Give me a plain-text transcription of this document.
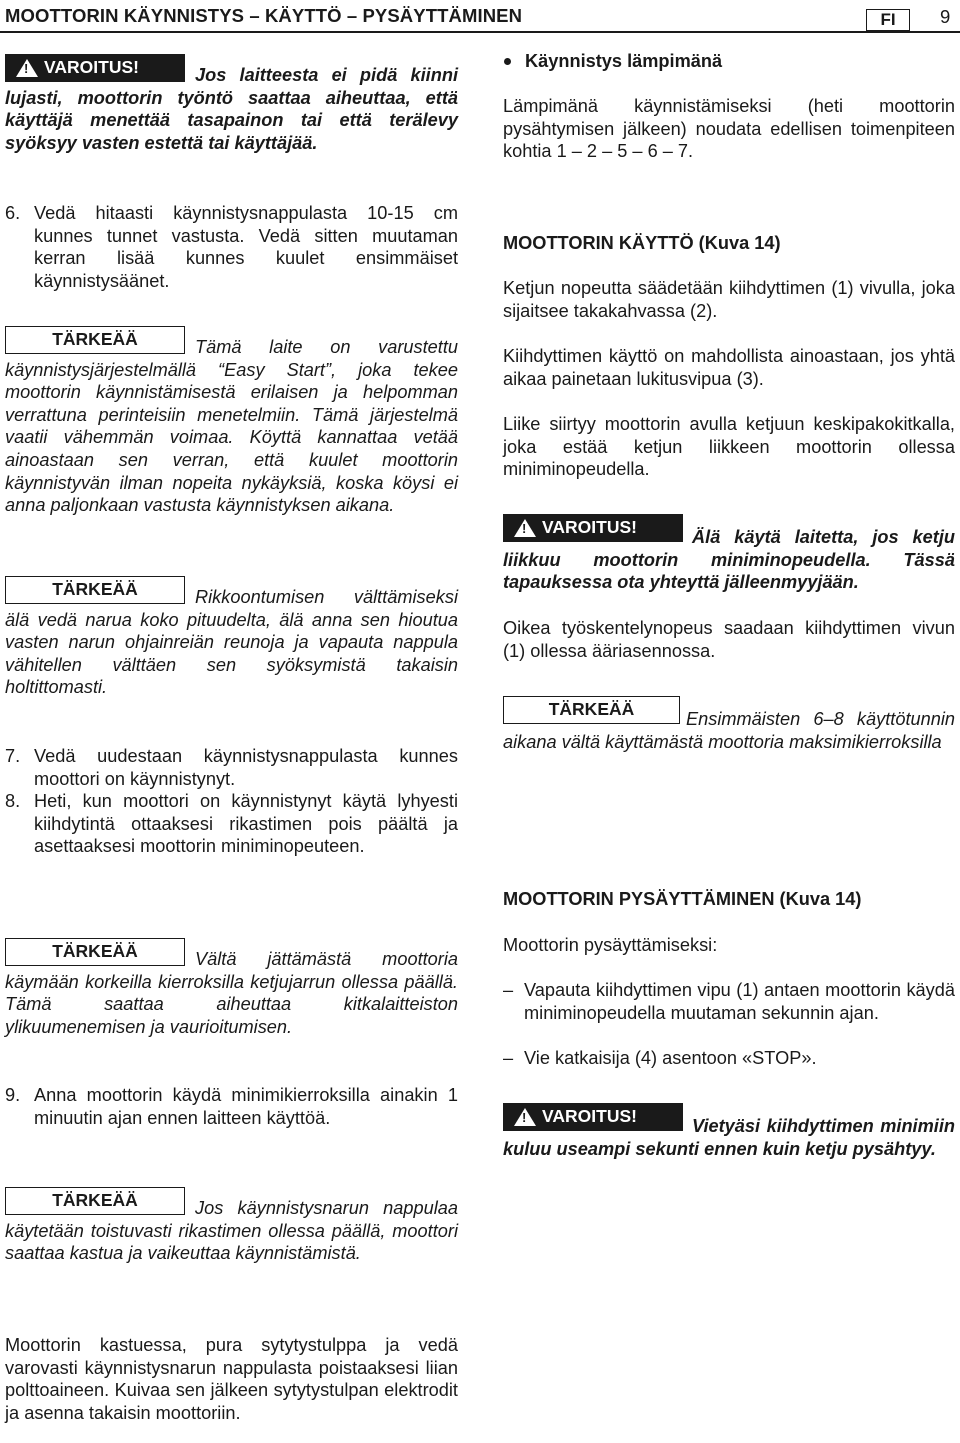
MOOTTORIN KÄYNNISTYS – KÄYTTÖ – PYSÄYTTÄMINEN	FI	9
!
VAROITUS!	Jos laitteesta ei pidä kiinni lujasti, moottorin työntö saattaa aiheuttaa, että käyttäjä menettää tasapainon tai että terälevy syöksyy vasten estettä tai käyttäjää.

6. Vedä hitaasti käynnistysnappulasta 10-15 cm kunnes tunnet vastusta. Vedä sitten muutaman kerran lisää kunnes kuulet ensimmäiset käynnistysäänet.
TÄRKEÄÄ	Tämä laite on varustettu käynnistysjärjestelmällä “Easy Start”, joka tekee moottorin käynnistämisestä erilaisen ja helpomman verrattuna perinteisiin menetelmiin. Tämä järjestelmä vaatii vähemmän voimaa. Köyttä kannattaa vetää ainoastaan sen verran, että kuulet moottorin käynnistyvän ilman nopeita nykäyksiä, koska köysi ei anna paljonkaan vastusta käynnistyksen aikana.

TÄRKEÄÄ	Rikkoontumisen välttämiseksi älä vedä narua koko pituudelta, älä anna sen hioutua vasten narun ohjainreiän reunoja ja vapauta nappula vähitellen välttäen sen syöksymistä takaisin holtittomasti.

7. Vedä uudestaan käynnistysnappulasta kunnes moottori on käynnistynyt.
8. Heti, kun moottori on käynnistynyt käytä lyhyesti kiihdytintä ottaaksesi rikastimen pois päältä ja asettaaksesi moottorin miniminopeuteen.
TÄRKEÄÄ	Vältä jättämästä moottoria käymään korkeilla kierroksilla ketjujarrun ollessa päällä. Tämä saattaa aiheuttaa kitkalaitteiston ylikuumenemisen ja vaurioitumisen.

9. Anna moottorin käydä minimikierroksilla ainakin 1 minuutin ajan ennen laitteen käyttöä.
TÄRKEÄÄ	Jos käynnistysnarun nappulaa käytetään toistuvasti rikastimen ollessa päällä, moottori saattaa kastua ja vaikeuttaa käynnistämistä.

Moottorin kastuessa, pura sytytystulppa ja vedä varovasti käynnistysnarun nappulasta poistaaksesi liian polttoaineen. Kuivaa sen jälkeen sytytystulpan elektrodit ja asenna takaisin moottoriin.

Käynnistys lämpimänä

Lämpimänä käynnistämiseksi (heti moottorin pysähtymisen jälkeen) noudata edellisen toimenpiteen kohtia 1 – 2 – 5 – 6 – 7.

MOOTTORIN KÄYTTÖ (Kuva 14)

Ketjun nopeutta säädetään kiihdyttimen (1) vivulla, joka sijaitsee takakahvassa (2).

Kiihdyttimen käyttö on mahdollista ainoastaan, jos yhtä aikaa painetaan lukitusvipua (3).

Liike siirtyy moottorin avulla ketjuun keskipakokitkalla, joka estää ketjun liikkeen moottorin ollessa miniminopeudella.

!
VAROITUS!	Älä käytä laitetta, jos ketju liikkuu moottorin miniminopeudella. Tässä tapauksessa ota yhteyttä jälleenmyyjään.

Oikea työskentelynopeus saadaan kiihdyttimen vivun (1) ollessa ääriasennossa.

TÄRKEÄÄ	Ensimmäisten 6–8 käyttötunnin aikana vältä käyttämästä moottoria maksimikierroksilla

MOOTTORIN PYSÄYTTÄMINEN (Kuva 14)
Moottorin pysäyttämiseksi:
– Vapauta kiihdyttimen vipu (1) antaen moottorin käydä miniminopeudella muutaman sekunnin ajan.
– Vie katkaisija (4) asentoon «STOP».
!
VAROITUS!	Vietyäsi kiihdyttimen minimiin kuluu useampi sekunti ennen kuin ketju pysähtyy.
